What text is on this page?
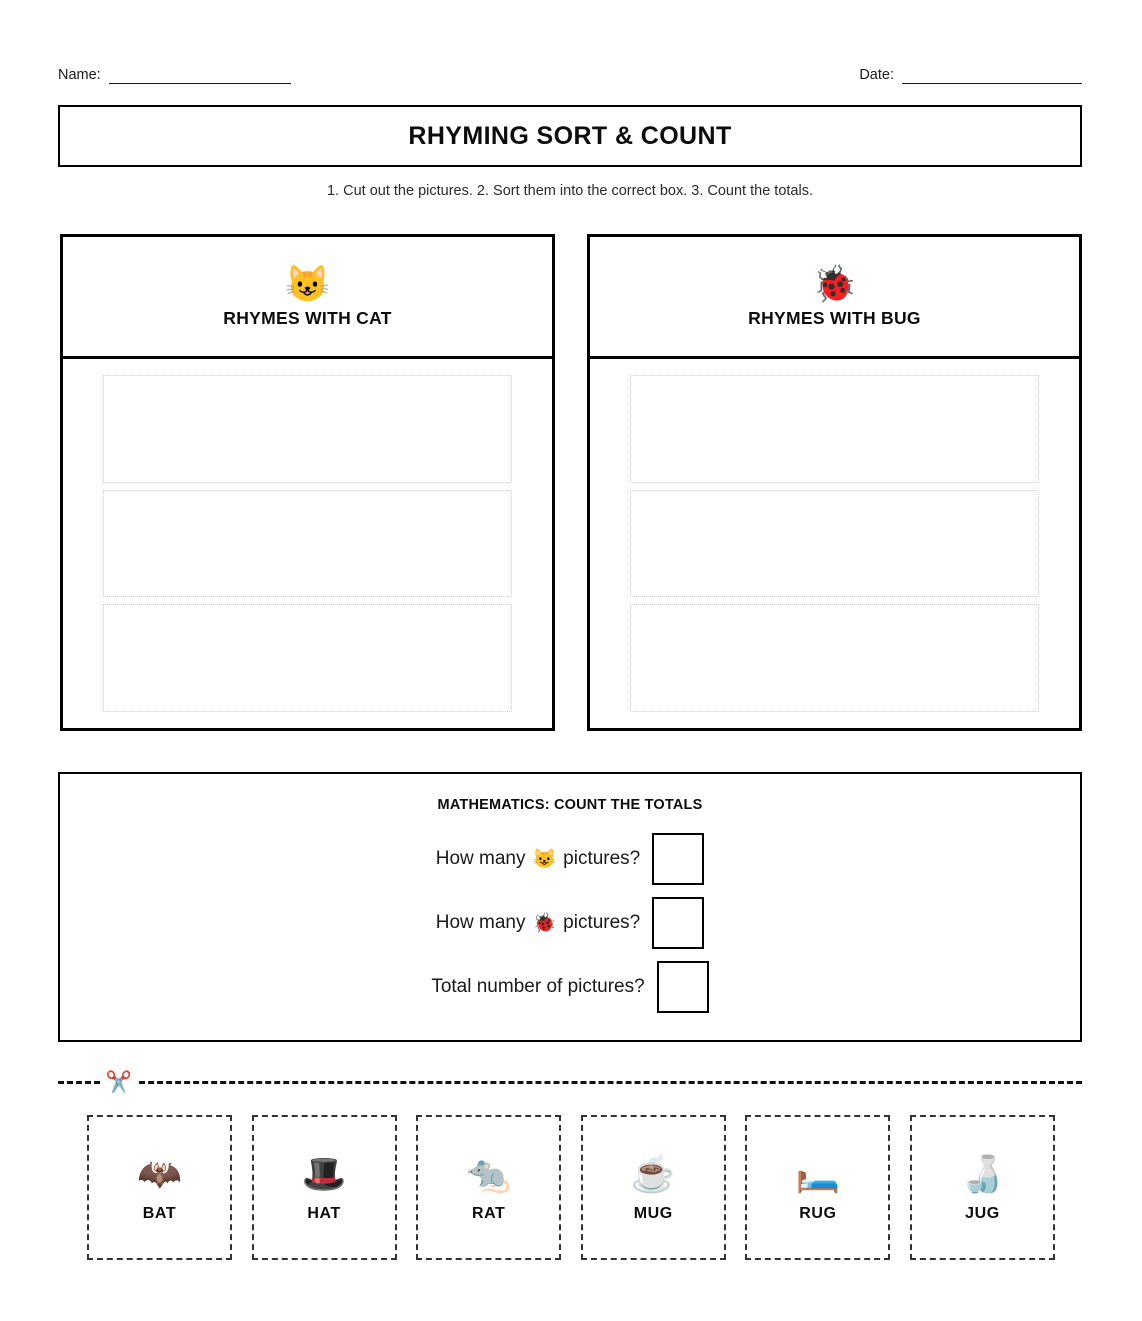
Name:	Date:
RHYMING SORT & COUNT
1. Cut out the pictures. 2. Sort them into the correct box. 3. Count the totals.
😺
RHYMES WITH CAT
🐞
RHYMES WITH BUG
MATHEMATICS: COUNT THE TOTALS
How many 😺 pictures?
How many 🐞 pictures?
Total number of pictures?
✂️
🦇
BAT
🎩
HAT
🐀
RAT
☕
MUG
🛏️
RUG
🍶
JUG
